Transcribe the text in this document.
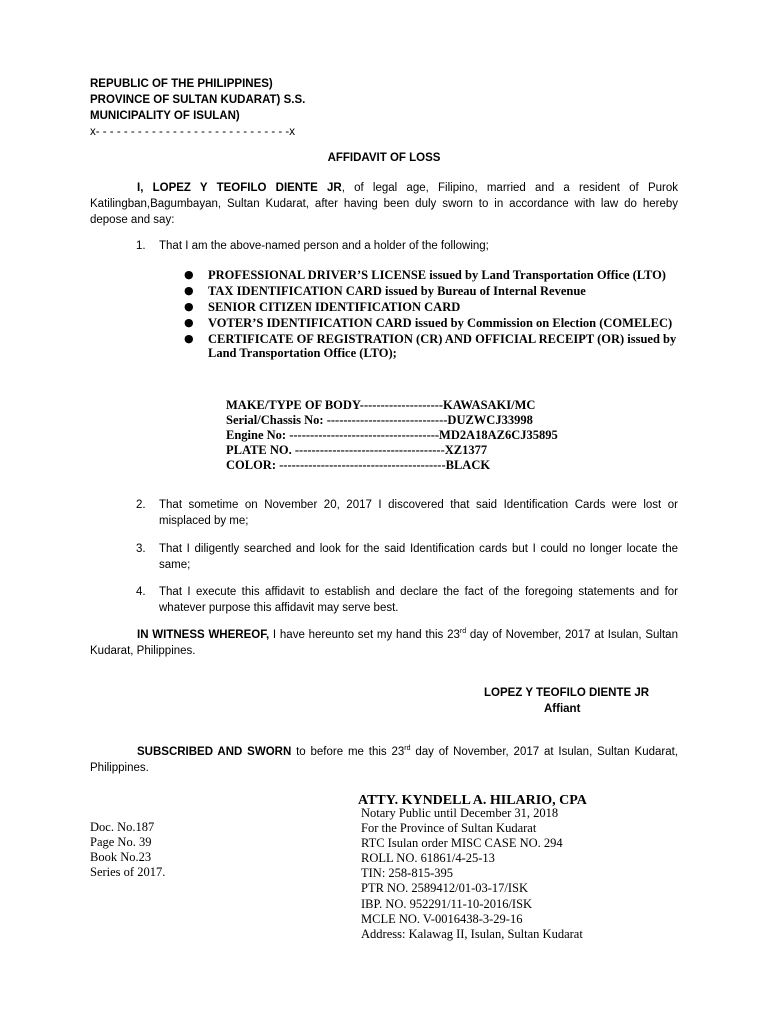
REPUBLIC OF THE PHILIPPINES)
PROVINCE OF SULTAN KUDARAT) S.S.
MUNICIPALITY OF ISULAN)
x- - - - - - - - - - - - - - - - - - - - - - - - - - - -x
AFFIDAVIT OF LOSS
I, LOPEZ Y TEOFILO DIENTE JR, of legal age, Filipino, married and a resident of Purok Katilingban,Bagumbayan, Sultan Kudarat, after having been duly sworn to in accordance with law do hereby depose and say:
1. That I am the above-named person and a holder of the following;
● PROFESSIONAL DRIVER’S LICENSE issued by Land Transportation Office (LTO)
● TAX IDENTIFICATION CARD issued by Bureau of Internal Revenue
● SENIOR CITIZEN IDENTIFICATION CARD
● VOTER’S IDENTIFICATION CARD issued by Commission on Election (COMELEC)
● CERTIFICATE OF REGISTRATION (CR) AND OFFICIAL RECEIPT (OR) issued by Land Transportation Office (LTO);
MAKE/TYPE OF BODY--------------------KAWASAKI/MC
Serial/Chassis No: -----------------------------DUZWCJ33998
Engine No: ------------------------------------MD2A18AZ6CJ35895
PLATE NO. ------------------------------------XZ1377
COLOR: ----------------------------------------BLACK
2. That sometime on November 20, 2017 I discovered that said Identification Cards were lost or misplaced by me;
3. That I diligently searched and look for the said Identification cards but I could no longer locate the same;
4. That I execute this affidavit to establish and declare the fact of the foregoing statements and for whatever purpose this affidavit may serve best.
IN WITNESS WHEREOF, I have hereunto set my hand this 23rd day of November, 2017 at Isulan, Sultan Kudarat, Philippines.
LOPEZ Y TEOFILO DIENTE JR
Affiant
SUBSCRIBED AND SWORN to before me this 23rd day of November, 2017 at Isulan, Sultan Kudarat, Philippines.
ATTY. KYNDELL A. HILARIO, CPA
Notary Public until December 31, 2018
For the Province of Sultan Kudarat
RTC Isulan order MISC CASE NO. 294
ROLL NO. 61861/4-25-13
TIN: 258-815-395
PTR NO. 2589412/01-03-17/ISK
IBP. NO. 952291/11-10-2016/ISK
MCLE NO. V-0016438-3-29-16
Address: Kalawag II, Isulan, Sultan Kudarat
Doc. No.187
Page No. 39
Book No.23
Series of 2017.
